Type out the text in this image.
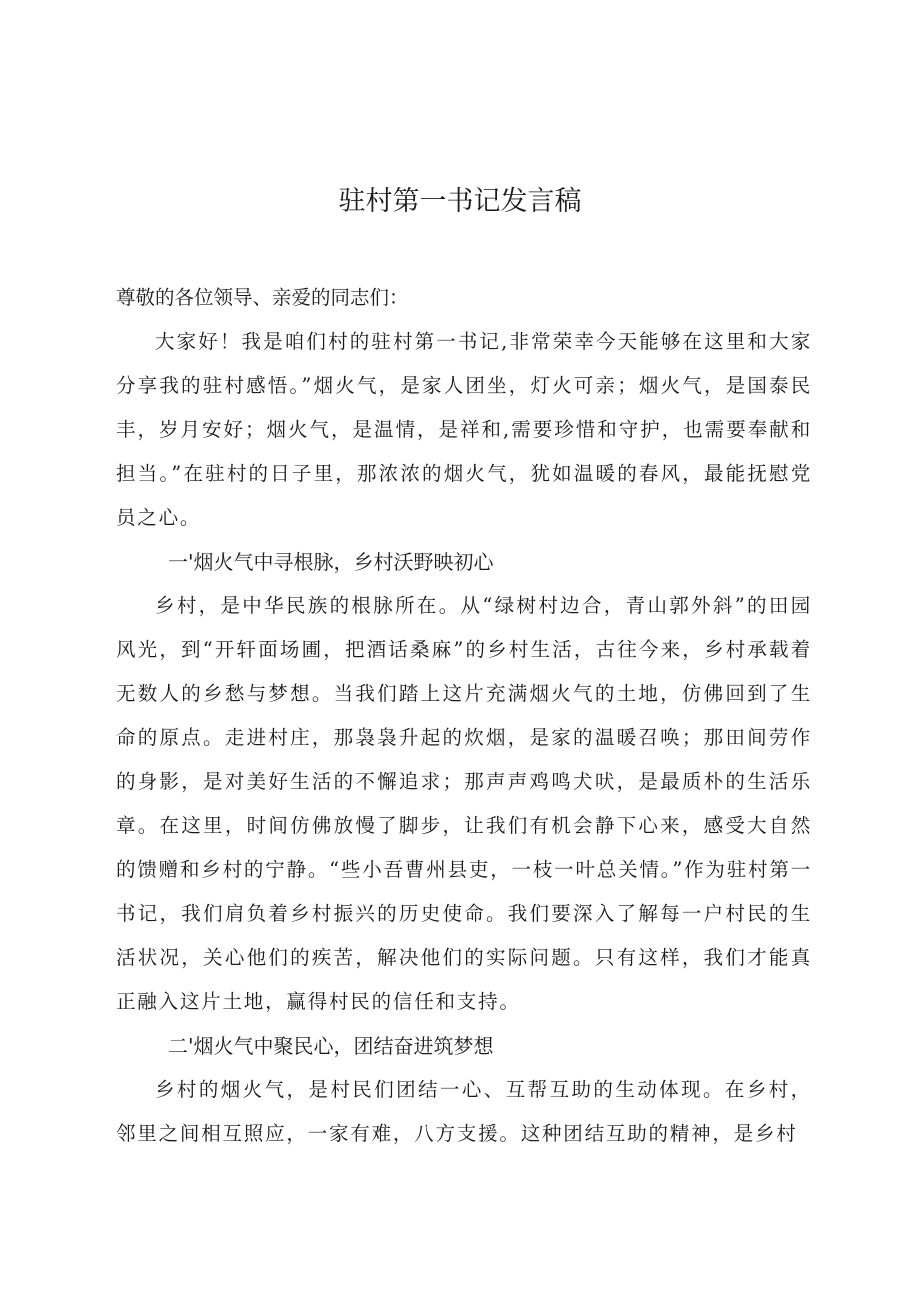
驻村第一书记发言稿

尊敬的各位领导、亲爱的同志们：

大家好！我是咱们村的驻村第一书记,非常荣幸今天能够在这里和大家分享我的驻村感悟。”烟火气，是家人团坐，灯火可亲；烟火气，是国泰民丰，岁月安好；烟火气，是温情，是祥和,需要珍惜和守护，也需要奉献和担当。”在驻村的日子里，那浓浓的烟火气，犹如温暖的春风，最能抚慰党员之心。

一'烟火气中寻根脉，乡村沃野映初心

乡村，是中华民族的根脉所在。从“绿树村边合，青山郭外斜”的田园风光，到“开轩面场圃，把酒话桑麻”的乡村生活，古往今来，乡村承载着无数人的乡愁与梦想。当我们踏上这片充满烟火气的土地，仿佛回到了生命的原点。走进村庄，那袅袅升起的炊烟，是家的温暖召唤；那田间劳作的身影，是对美好生活的不懈追求；那声声鸡鸣犬吠，是最质朴的生活乐章。在这里，时间仿佛放慢了脚步，让我们有机会静下心来，感受大自然的馈赠和乡村的宁静。“些小吾曹州县吏，一枝一叶总关情。”作为驻村第一书记，我们肩负着乡村振兴的历史使命。我们要深入了解每一户村民的生活状况，关心他们的疾苦，解决他们的实际问题。只有这样，我们才能真正融入这片土地，赢得村民的信任和支持。

二'烟火气中聚民心，团结奋进筑梦想

乡村的烟火气，是村民们团结一心、互帮互助的生动体现。在乡村，邻里之间相互照应，一家有难，八方支援。这种团结互助的精神，是乡村
